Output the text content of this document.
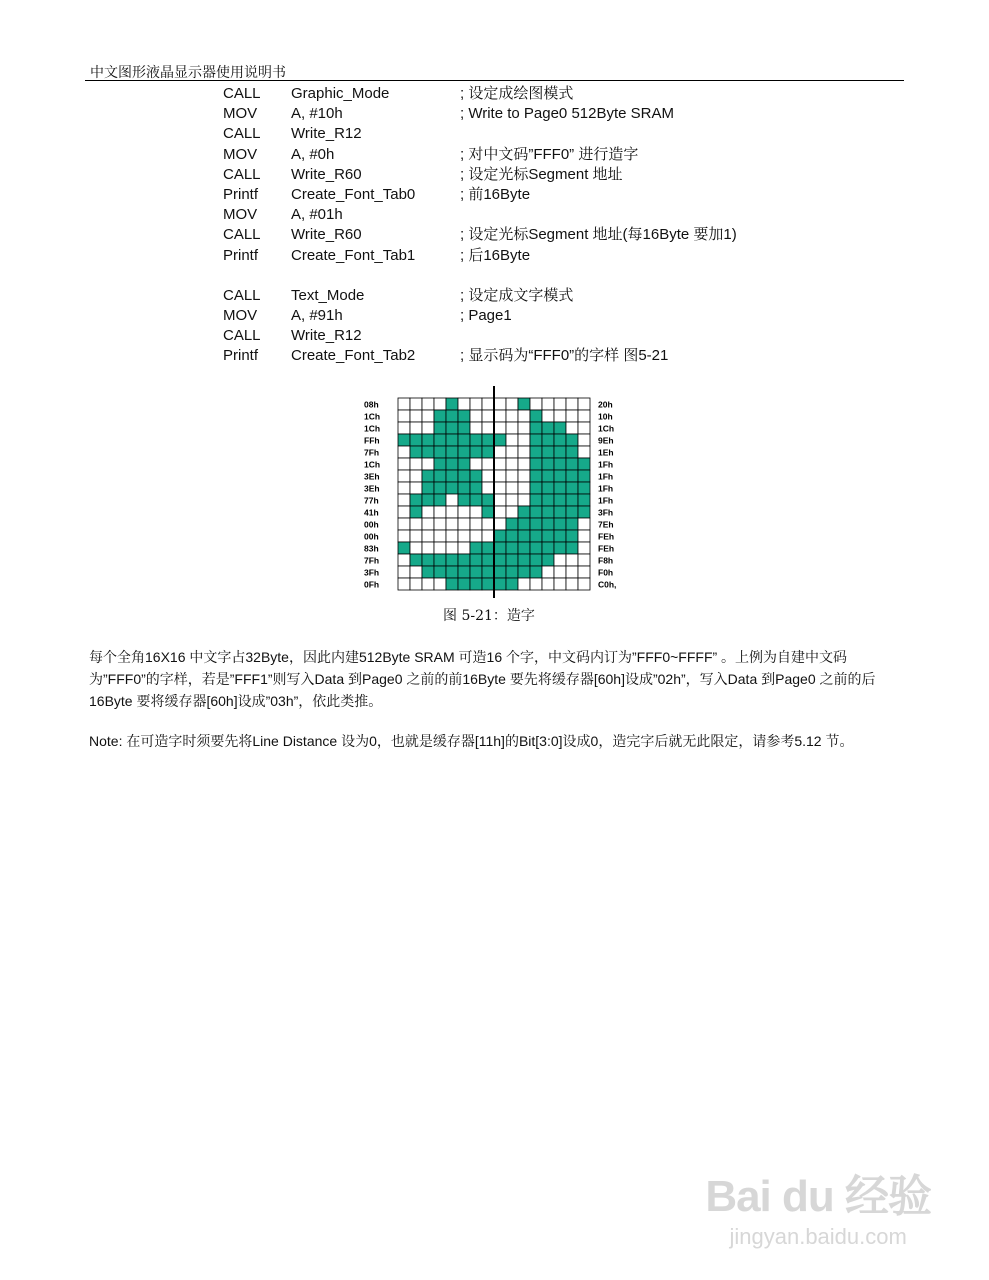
中文图形液晶显示器使用说明书
CALL Graphic_Mode	; 设定成绘图模式
MOV A, #10h	; Write to Page0 512Byte SRAM
CALL Write_R12
MOV A, #0h	; 对中文码”FFF0” 进行造字
CALL Write_R60	; 设定光标Segment 地址
Printf Create_Font_Tab0	; 前16Byte
MOV A, #01h
CALL Write_R60	; 设定光标Segment 地址(每16Byte 要加1)
Printf Create_Font_Tab1	; 后16Byte
CALL Text_Mode	; 设定成文字模式
MOV A, #91h	; Page1
CALL Write_R12
Printf Create_Font_Tab2	; 显示码为“FFF0”的字样 图5-21
08h	20h
1Ch	10h
1Ch	1Ch
FFh	9Eh
7Fh	1Eh
1Ch	1Fh
3Eh	1Fh
3Eh	1Fh
77h	1Fh
41h	3Fh
00h	7Eh
00h	FEh
83h	FEh
7Fh	F8h
3Fh	F0h
0Fh	C0h,
图 5-21：造字
每个全角16X16 中文字占32Byte，因此内建512Byte SRAM 可造16 个字，中文码内订为”FFF0~FFFF” 。上例为自建中文码为”FFF0”的字样，若是”FFF1”则写入Data 到Page0 之前的前16Byte 要先将缓存器[60h]设成”02h”，写入Data 到Page0 之前的后16Byte 要将缓存器[60h]设成”03h”，依此类推。
Note: 在可造字时须要先将Line Distance 设为0，也就是缓存器[11h]的Bit[3:0]设成0，造完字后就无此限定，请参考5.12 节。
Bai du 经验
jingyan.baidu.com
